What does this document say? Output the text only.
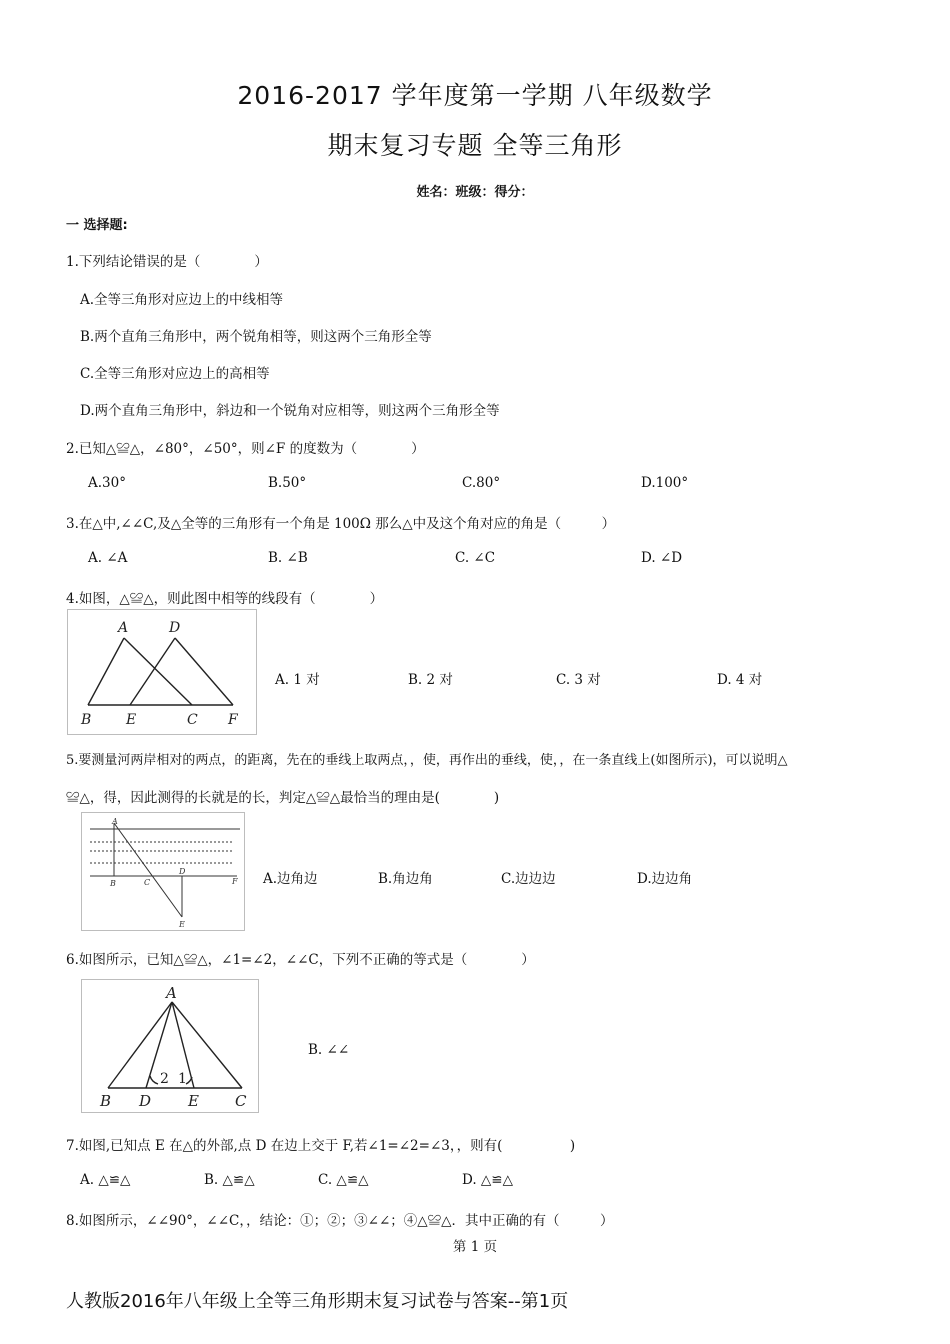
2016-2017 学年度第一学期 八年级数学
期末复习专题 全等三角形
姓名：班级：得分：
一 选择题:
1.下列结论错误的是（　　　　）
A.全等三角形对应边上的中线相等
B.两个直角三角形中，两个锐角相等，则这两个三角形全等
C.全等三角形对应边上的高相等
D.两个直角三角形中，斜边和一个锐角对应相等，则这两个三角形全等
2.已知△≌△，∠80°，∠50°，则∠F 的度数为（　　　　）
A.30°	B.50°	C.80°	D.100°
3.在△中,∠∠C,及△全等的三角形有一个角是 100Ω 那么△中及这个角对应的角是（　　　）
A. ∠A	B. ∠B	C. ∠C	D. ∠D
4.如图，△≌△，则此图中相等的线段有（　　　　）
A	D
B E	C F
A. 1 对	B. 2 对	C. 3 对	D. 4 对
5.要测量河两岸相对的两点，的距离，先在的垂线上取两点，，使，再作出的垂线，使，，在一条直线上(如图所示)，可以说明△
≌△，得，因此测得的长就是的长，判定△≌△最恰当的理由是(　　　　)
A
B	C
D
E
F A.边角边	B.角边角	C.边边边	D.边边角
6.如图所示，已知△≌△，∠1=∠2，∠∠C，下列不正确的等式是（　　　　）
A
B D E C
2 1
B. ∠∠
7.如图,已知点 E 在△的外部,点 D 在边上交于 F,若∠1=∠2=∠3，，则有(　　　　　)
A. △≌△	B. △≌△	C. △≌△	D. △≌△
8.如图所示，∠∠90°，∠∠C，，结论：①；②；③∠∠；④△≌△．其中正确的有（　　　）
第 1 页
人教版2016年八年级上全等三角形期末复习试卷与答案--第1页
